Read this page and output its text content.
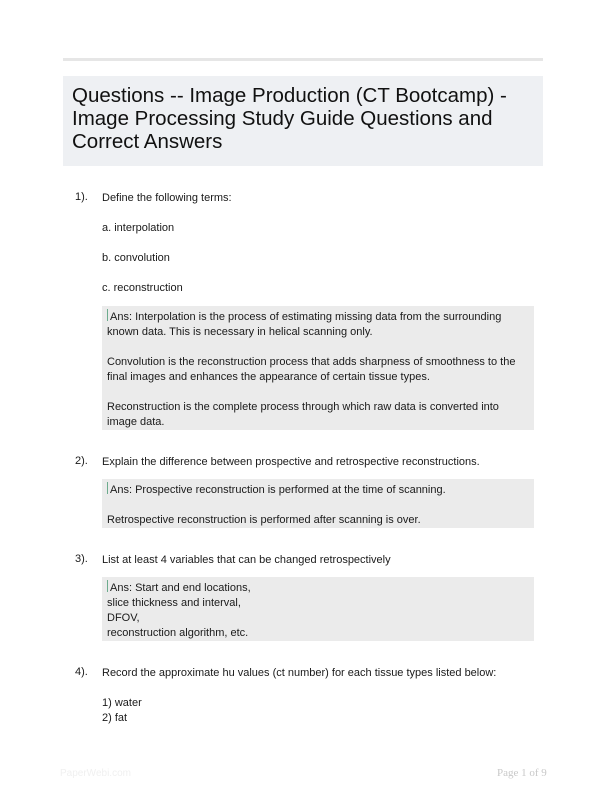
Questions -- Image Production (CT Bootcamp) - Image Processing Study Guide Questions and Correct Answers
1). Define the following terms:
a. interpolation
b. convolution
c. reconstruction

Ans: Interpolation is the process of estimating missing data from the surrounding known data. This is necessary in helical scanning only.

Convolution is the reconstruction process that adds sharpness of smoothness to the final images and enhances the appearance of certain tissue types.

Reconstruction is the complete process through which raw data is converted into image data.

2). Explain the difference between prospective and retrospective reconstructions.

Ans: Prospective reconstruction is performed at the time of scanning.

Retrospective reconstruction is performed after scanning is over.

3). List at least 4 variables that can be changed retrospectively

Ans: Start and end locations,

slice thickness and interval,

DFOV,

reconstruction algorithm, etc.

4). Record the approximate hu values (ct number) for each tissue types listed below:
1) water
2) fat
PaperWebi.com	Page 1 of 9
